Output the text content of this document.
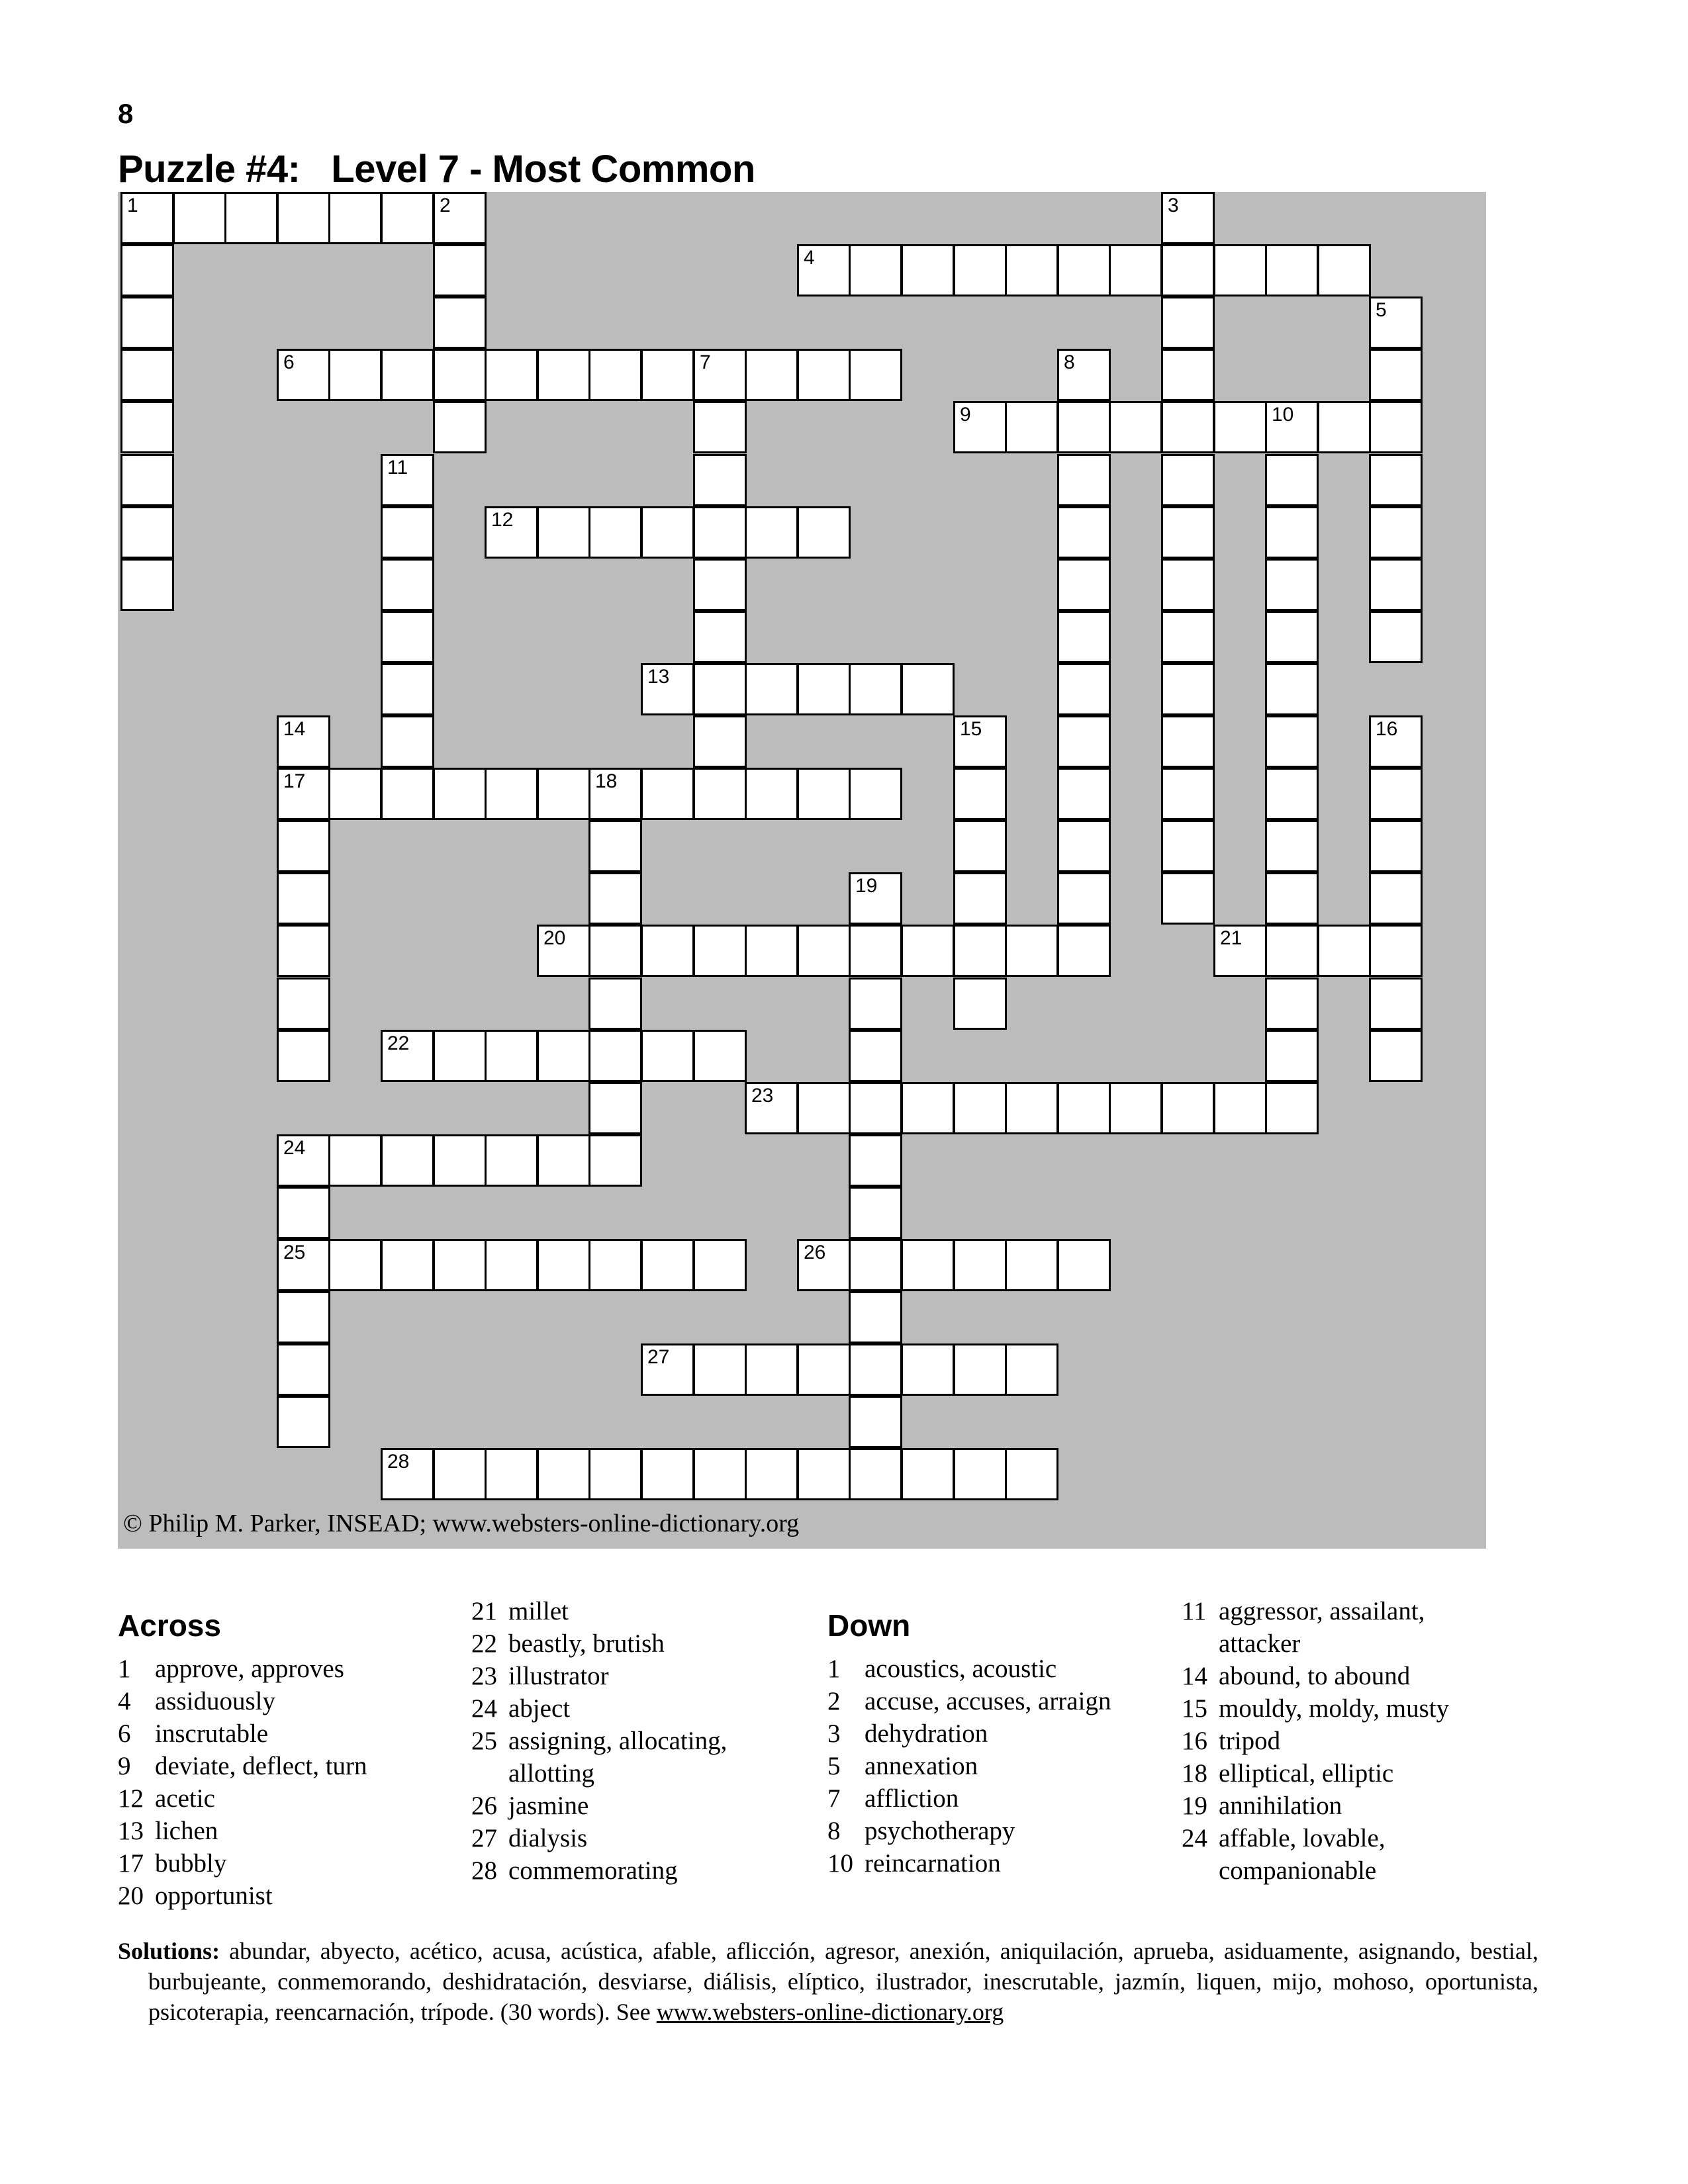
8
Puzzle #4:   Level 7 - Most Common
© Philip M. Parker, INSEAD; www.websters-online-dictionary.org
1	2	3
4
5
6	7	8
9	10
11
12
13
14	15	16
17	18
19
20	21
22
23
24
25	26
27
28
Across
1 approve, approves
4 assiduously
6 inscrutable
9 deviate, deflect, turn
12 acetic
13 lichen
17 bubbly
20 opportunist
21 millet
22 beastly, brutish
23 illustrator
24 abject
25 assigning, allocating,
allotting
26 jasmine
27 dialysis
28 commemorating
Down
1 acoustics, acoustic
2 accuse, accuses, arraign
3 dehydration
5 annexation
7 affliction
8 psychotherapy
10 reincarnation
11 aggressor, assailant,
attacker
14 abound, to abound
15 mouldy, moldy, musty
16 tripod
18 elliptical, elliptic
19 annihilation
24 affable, lovable,
companionable
Solutions: abundar, abyecto, acético, acusa, acústica, afable, aflicción, agresor, anexión, aniquilación, aprueba, asiduamente, asignando, bestial, burbujeante, conmemorando, deshidratación, desviarse, diálisis, elíptico, ilustrador, inescrutable, jazmín, liquen, mijo, mohoso, oportunista, psicoterapia, reencarnación, trípode. (30 words). See www.websters-online-dictionary.org
